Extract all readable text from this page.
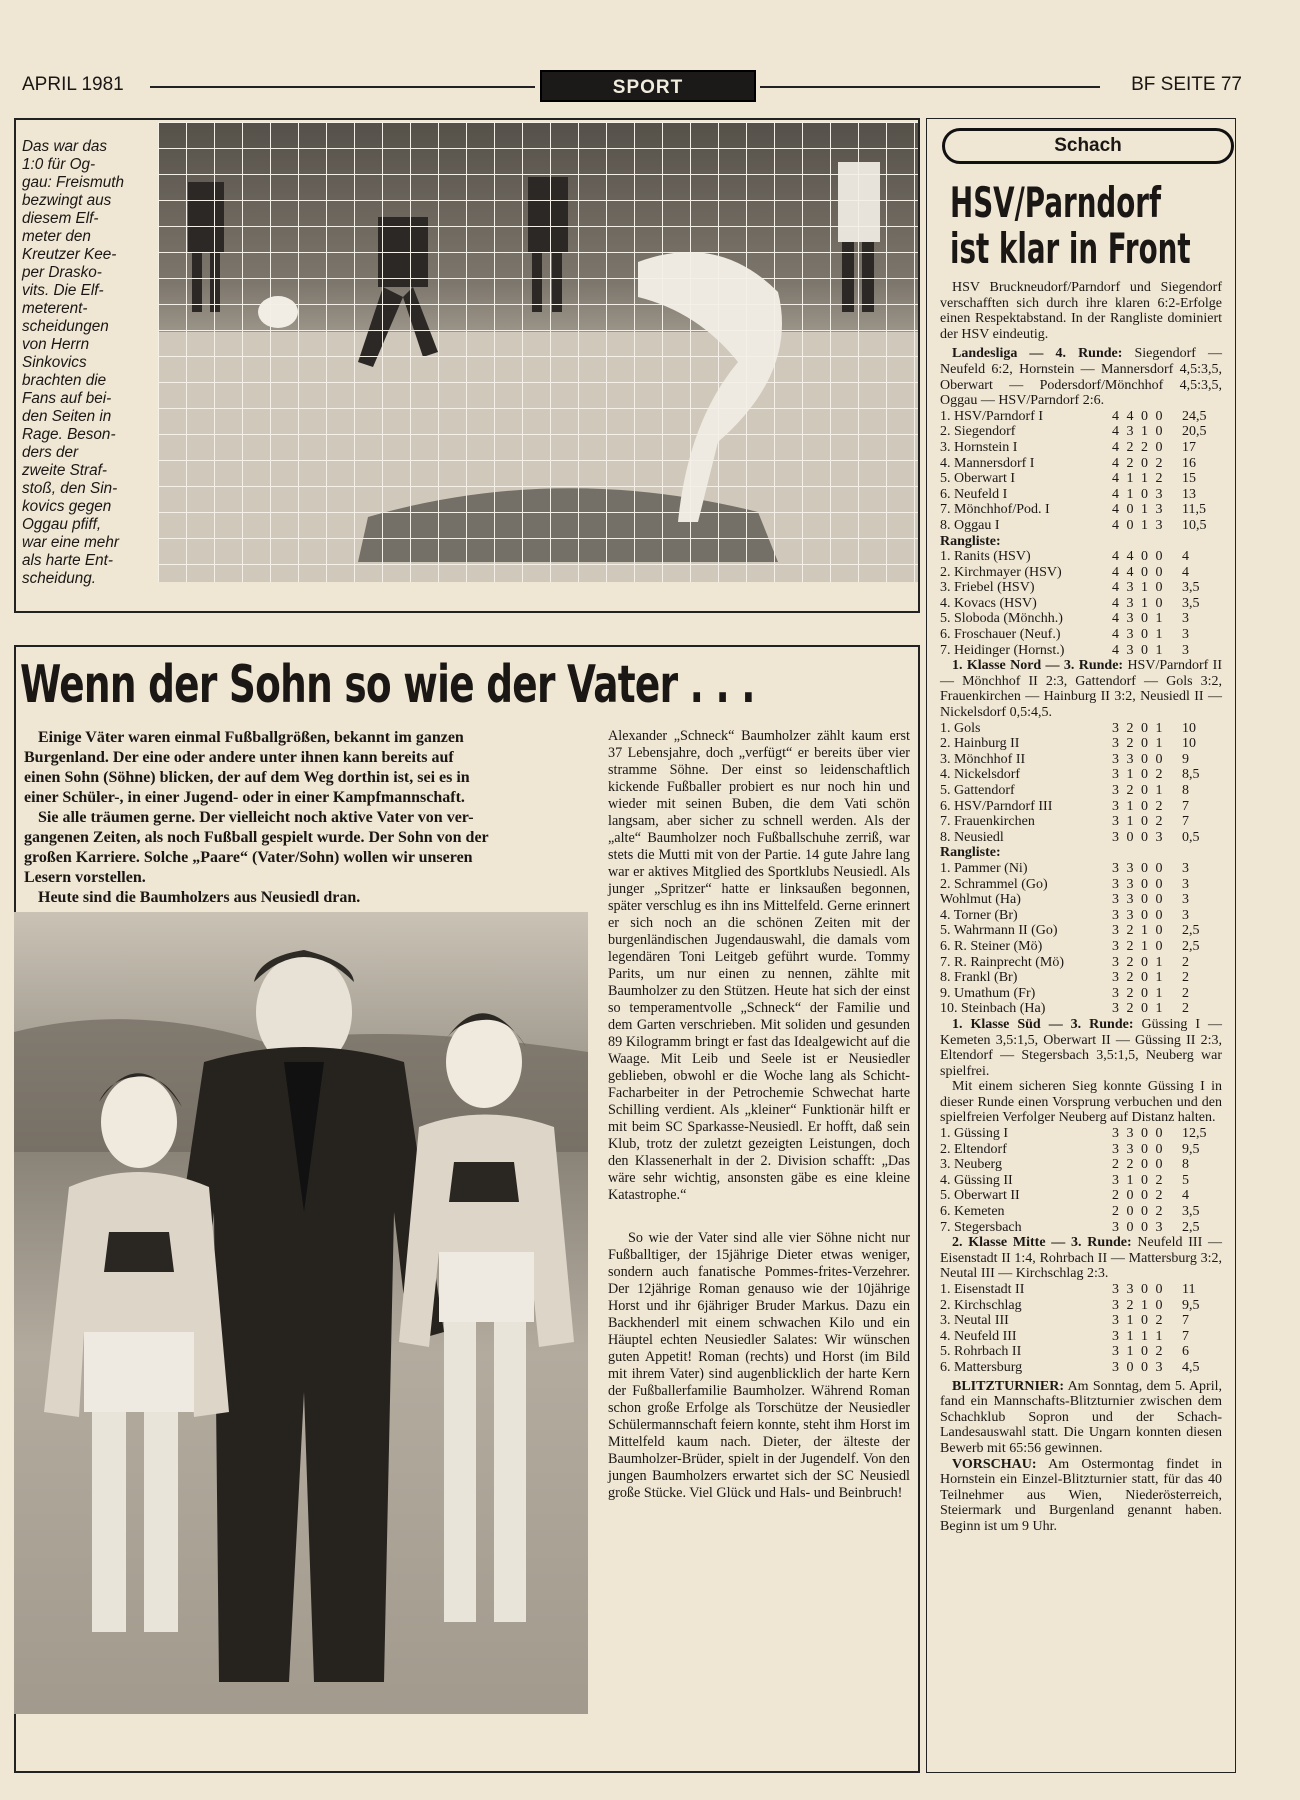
APRIL 1981	SPORT	BF SEITE 77
Das war das
1:0 für Og-
gau: Freismuth
bezwingt aus
diesem Elf-
meter den
Kreutzer Kee-
per Drasko-
vits. Die Elf-
meterent-
scheidungen
von Herrn
Sinkovics
brachten die
Fans auf bei-
den Seiten in
Rage. Beson-
ders der
zweite Straf-
stoß, den Sin-
kovics gegen
Oggau pfiff,
war eine mehr
als harte Ent-
scheidung.
Wenn der Sohn so wie der Vater . . .
Einige Väter waren einmal Fußballgrößen, bekannt im ganzen
Burgenland. Der eine oder andere unter ihnen kann bereits auf
einen Sohn (Söhne) blicken, der auf dem Weg dorthin ist, sei es in
einer Schüler-, in einer Jugend- oder in einer Kampfmannschaft.
Sie alle träumen gerne. Der vielleicht noch aktive Vater von ver-
gangenen Zeiten, als noch Fußball gespielt wurde. Der Sohn von der
großen Karriere. Solche „Paare“ (Vater/Sohn) wollen wir unseren
Lesern vorstellen.
Heute sind die Baumholzers aus Neusiedl dran.

Alexander „Schneck“ Baumholzer zählt kaum erst 37 Lebensjahre, doch „verfügt“ er bereits über vier stramme Söhne. Der einst so leidenschaftlich kickende Fußballer probiert es nur noch hin und wieder mit seinen Buben, die dem Vati schön langsam, aber sicher zu schnell werden. Als der „alte“ Baumholzer noch Fußballschuhe zerriß, war stets die Mutti mit von der Partie. 14 gute Jahre lang war er aktives Mitglied des Sportklubs Neusiedl. Als junger „Spritzer“ hatte er linksaußen begonnen, später verschlug es ihn ins Mittelfeld. Gerne erinnert er sich noch an die schönen Zeiten mit der burgenländischen Jugendauswahl, die damals vom legendären Toni Leitgeb geführt wurde. Tommy Parits, um nur einen zu nennen, zählte mit Baumholzer zu den Stützen. Heute hat sich der einst so temperamentvolle „Schneck“ der Familie und dem Garten verschrieben. Mit soliden und gesunden 89 Kilogramm bringt er fast das Idealgewicht auf die Waage. Mit Leib und Seele ist er Neusiedler geblieben, obwohl er die Woche lang als Schicht-Facharbeiter in der Petrochemie Schwechat harte Schilling verdient. Als „kleiner“ Funktionär hilft er mit beim SC Sparkasse-Neusiedl. Er hofft, daß sein Klub, trotz der zuletzt gezeigten Leistungen, doch den Klassenerhalt in der 2. Division schafft: „Das wäre sehr wichtig, ansonsten gäbe es eine kleine Katastrophe.“

So wie der Vater sind alle vier Söhne nicht nur Fußballtiger, der 15jährige Dieter etwas weniger, sondern auch fanatische Pommes-frites-Verzehrer. Der 12jährige Roman genauso wie der 10jährige Horst und ihr 6jähriger Bruder Markus. Dazu ein Backhenderl mit einem schwachen Kilo und ein Häuptel echten Neusiedler Salates: Wir wünschen guten Appetit! Roman (rechts) und Horst (im Bild mit ihrem Vater) sind augenblicklich der harte Kern der Fußballerfamilie Baumholzer. Während Roman schon große Erfolge als Torschütze der Neusiedler Schülermannschaft feiern konnte, steht ihm Horst im Mittelfeld kaum nach. Dieter, der älteste der Baumholzer-Brüder, spielt in der Jugendelf. Von den jungen Baumholzers erwartet sich der SC Neusiedl große Stücke. Viel Glück und Hals- und Beinbruch!

Schach
HSV/Parndorf
ist klar in Front
HSV Bruckneudorf/Parndorf und Siegendorf verschafften sich durch ihre klaren 6:2-Erfolge einen Respektabstand. In der Rangliste dominiert der HSV eindeutig.
Landesliga — 4. Runde: Siegendorf — Neufeld 6:2, Hornstein — Mannersdorf 4,5:3,5, Oberwart — Podersdorf/Mönchhof 4,5:3,5, Oggau — HSV/Parndorf 2:6.
1. HSV/Parndorf I	4 4 0 0	24,5
2. Siegendorf	4 3 1 0	20,5
3. Hornstein I	4 2 2 0	17
4. Mannersdorf I	4 2 0 2	16
5. Oberwart I	4 1 1 2	15
6. Neufeld I	4 1 0 3	13
7. Mönchhof/Pod. I	4 0 1 3	11,5
8. Oggau I	4 0 1 3	10,5
Rangliste:
1. Ranits (HSV)	4 4 0 0	4
2. Kirchmayer (HSV)	4 4 0 0	4
3. Friebel (HSV)	4 3 1 0	3,5
4. Kovacs (HSV)	4 3 1 0	3,5
5. Sloboda (Mönchh.)	4 3 0 1	3
6. Froschauer (Neuf.)	4 3 0 1	3
7. Heidinger (Hornst.)	4 3 0 1	3
1. Klasse Nord — 3. Runde: HSV/Parndorf II — Mönchhof II 2:3, Gattendorf — Gols 3:2, Frauenkirchen — Hainburg II 3:2, Neusiedl II — Nickelsdorf 0,5:4,5.
1. Gols	3 2 0 1	10
2. Hainburg II	3 2 0 1	10
3. Mönchhof II	3 3 0 0	9
4. Nickelsdorf	3 1 0 2	8,5
5. Gattendorf	3 2 0 1	8
6. HSV/Parndorf III	3 1 0 2	7
7. Frauenkirchen	3 1 0 2	7
8. Neusiedl	3 0 0 3	0,5
Rangliste:
1. Pammer (Ni)	3 3 0 0	3
2. Schrammel (Go)	3 3 0 0	3
Wohlmut (Ha)	3 3 0 0	3
4. Torner (Br)	3 3 0 0	3
5. Wahrmann II (Go)	3 2 1 0	2,5
6. R. Steiner (Mö)	3 2 1 0	2,5
7. R. Rainprecht (Mö)	3 2 0 1	2
8. Frankl (Br)	3 2 0 1	2
9. Umathum (Fr)	3 2 0 1	2
10. Steinbach (Ha)	3 2 0 1	2
1. Klasse Süd — 3. Runde: Güssing I — Kemeten 3,5:1,5, Oberwart II — Güssing II 2:3, Eltendorf — Stegersbach 3,5:1,5, Neuberg war spielfrei.
Mit einem sicheren Sieg konnte Güssing I in dieser Runde einen Vorsprung verbuchen und den spielfreien Verfolger Neuberg auf Distanz halten.
1. Güssing I	3 3 0 0	12,5
2. Eltendorf	3 3 0 0	9,5
3. Neuberg	2 2 0 0	8
4. Güssing II	3 1 0 2	5
5. Oberwart II	2 0 0 2	4
6. Kemeten	2 0 0 2	3,5
7. Stegersbach	3 0 0 3	2,5
2. Klasse Mitte — 3. Runde: Neufeld III — Eisenstadt II 1:4, Rohrbach II — Mattersburg 3:2, Neutal III — Kirchschlag 2:3.
1. Eisenstadt II	3 3 0 0	11
2. Kirchschlag	3 2 1 0	9,5
3. Neutal III	3 1 0 2	7
4. Neufeld III	3 1 1 1	7
5. Rohrbach II	3 1 0 2	6
6. Mattersburg	3 0 0 3	4,5
BLITZTURNIER: Am Sonntag, dem 5. April, fand ein Mannschafts-Blitzturnier zwischen dem Schachklub Sopron und der Schach-Landesauswahl statt. Die Ungarn konnten diesen Bewerb mit 65:56 gewinnen.
VORSCHAU: Am Ostermontag findet in Hornstein ein Einzel-Blitzturnier statt, für das 40 Teilnehmer aus Wien, Niederösterreich, Steiermark und Burgenland genannt haben. Beginn ist um 9 Uhr.
